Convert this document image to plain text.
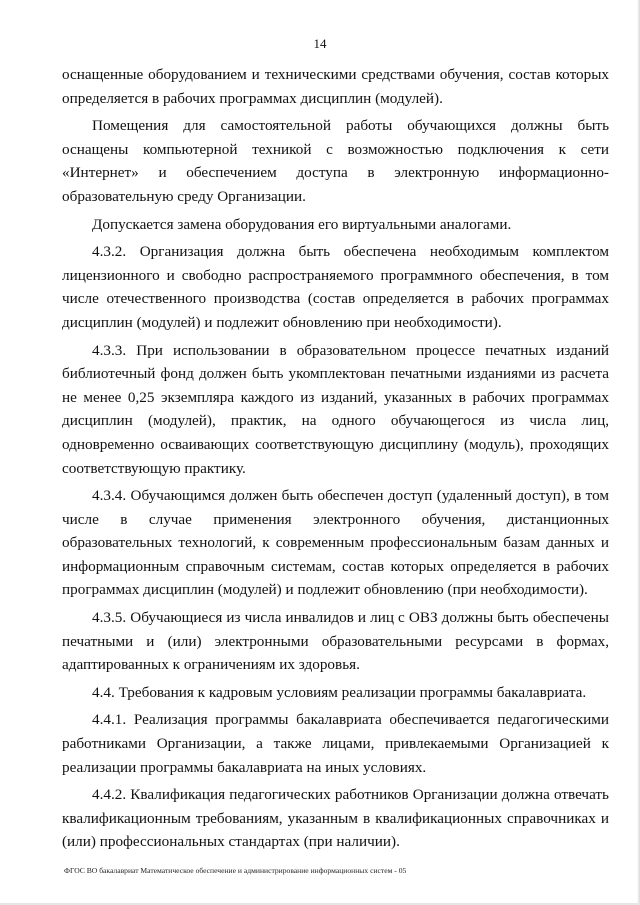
14

оснащенные оборудованием и техническими средствами обучения, состав которых определяется в рабочих программах дисциплин (модулей).

Помещения для самостоятельной работы обучающихся должны быть оснащены компьютерной техникой с возможностью подключения к сети «Интернет» и обеспечением доступа в электронную информационно-образовательную среду Организации.

Допускается замена оборудования его виртуальными аналогами.

4.3.2. Организация должна быть обеспечена необходимым комплектом лицензионного и свободно распространяемого программного обеспечения, в том числе отечественного производства (состав определяется в рабочих программах дисциплин (модулей) и подлежит обновлению при необходимости).

4.3.3. При использовании в образовательном процессе печатных изданий библиотечный фонд должен быть укомплектован печатными изданиями из расчета не менее 0,25 экземпляра каждого из изданий, указанных в рабочих программах дисциплин (модулей), практик, на одного обучающегося из числа лиц, одновременно осваивающих соответствующую дисциплину (модуль), проходящих соответствующую практику.

4.3.4. Обучающимся должен быть обеспечен доступ (удаленный доступ), в том числе в случае применения электронного обучения, дистанционных образовательных технологий, к современным профессиональным базам данных и информационным справочным системам, состав которых определяется в рабочих программах дисциплин (модулей) и подлежит обновлению (при необходимости).

4.3.5. Обучающиеся из числа инвалидов и лиц с ОВЗ должны быть обеспечены печатными и (или) электронными образовательными ресурсами в формах, адаптированных к ограничениям их здоровья.

4.4. Требования к кадровым условиям реализации программы бакалавриата.

4.4.1. Реализация программы бакалавриата обеспечивается педагогическими работниками Организации, а также лицами, привлекаемыми Организацией к реализации программы бакалавриата на иных условиях.

4.4.2. Квалификация педагогических работников Организации должна отвечать квалификационным требованиям, указанным в квалификационных справочниках и (или) профессиональных стандартах (при наличии).

ФГОС ВО бакалавриат Математическое обеспечение и администрирование информационных систем - 05
